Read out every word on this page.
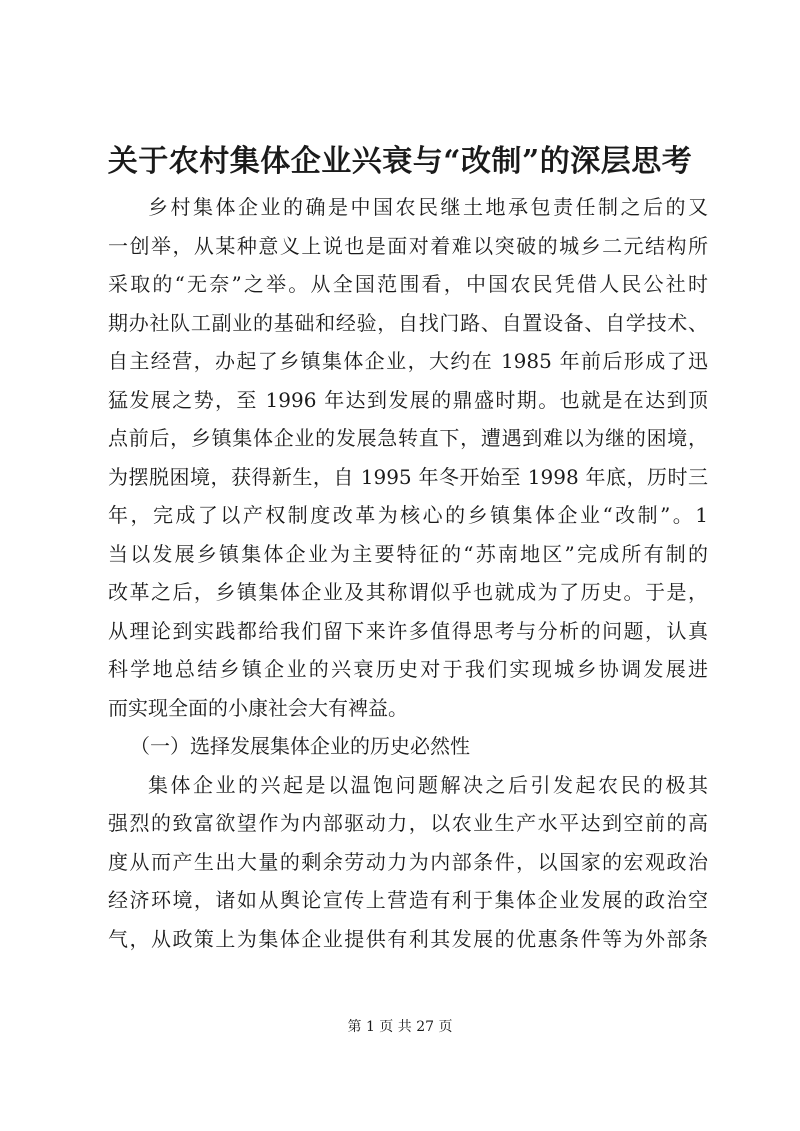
关于农村集体企业兴衰与“改制”的深层思考
乡村集体企业的确是中国农民继土地承包责任制之后的又
一创举，从某种意义上说也是面对着难以突破的城乡二元结构所
采取的“无奈”之举。从全国范围看，中国农民凭借人民公社时
期办社队工副业的基础和经验，自找门路、自置设备、自学技术、
自主经营，办起了乡镇集体企业，大约在 1985 年前后形成了迅
猛发展之势，至 1996 年达到发展的鼎盛时期。也就是在达到顶
点前后，乡镇集体企业的发展急转直下，遭遇到难以为继的困境，
为摆脱困境，获得新生，自 1995 年冬开始至 1998 年底，历时三
年，完成了以产权制度改革为核心的乡镇集体企业“改制”。1
当以发展乡镇集体企业为主要特征的“苏南地区”完成所有制的
改革之后，乡镇集体企业及其称谓似乎也就成为了历史。于是，
从理论到实践都给我们留下来许多值得思考与分析的问题，认真
科学地总结乡镇企业的兴衰历史对于我们实现城乡协调发展进
而实现全面的小康社会大有裨益。
（一）选择发展集体企业的历史必然性
集体企业的兴起是以温饱问题解决之后引发起农民的极其
强烈的致富欲望作为内部驱动力，以农业生产水平达到空前的高
度从而产生出大量的剩余劳动力为内部条件，以国家的宏观政治
经济环境，诸如从舆论宣传上营造有利于集体企业发展的政治空
气，从政策上为集体企业提供有利其发展的优惠条件等为外部条
第 1 页 共 27 页
